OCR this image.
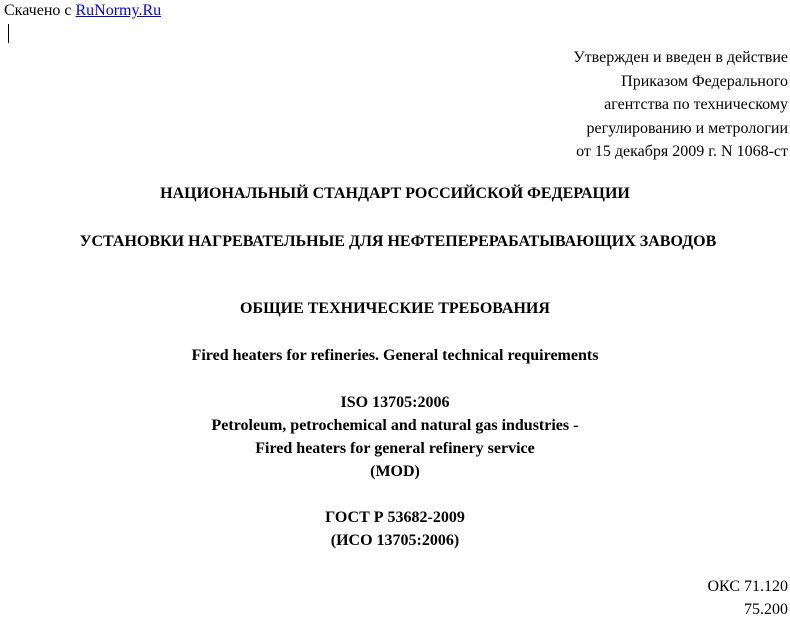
Скачено с RuNormy.Ru
Утвержден и введен в действие
Приказом Федерального
агентства по техническому
регулированию и метрологии
от 15 декабря 2009 г. N 1068-ст
НАЦИОНАЛЬНЫЙ СТАНДАРТ РОССИЙСКОЙ ФЕДЕРАЦИИ
УСТАНОВКИ НАГРЕВАТЕЛЬНЫЕ ДЛЯ НЕФТЕПЕРЕРАБАТЫВАЮЩИХ ЗАВОДОВ
ОБЩИЕ ТЕХНИЧЕСКИЕ ТРЕБОВАНИЯ
Fired heaters for refineries. General technical requirements
ISO 13705:2006
Petroleum, petrochemical and natural gas industries -
Fired heaters for general refinery service
(MOD)
ГОСТ Р 53682-2009
(ИСО 13705:2006)
ОКС 71.120
75.200
